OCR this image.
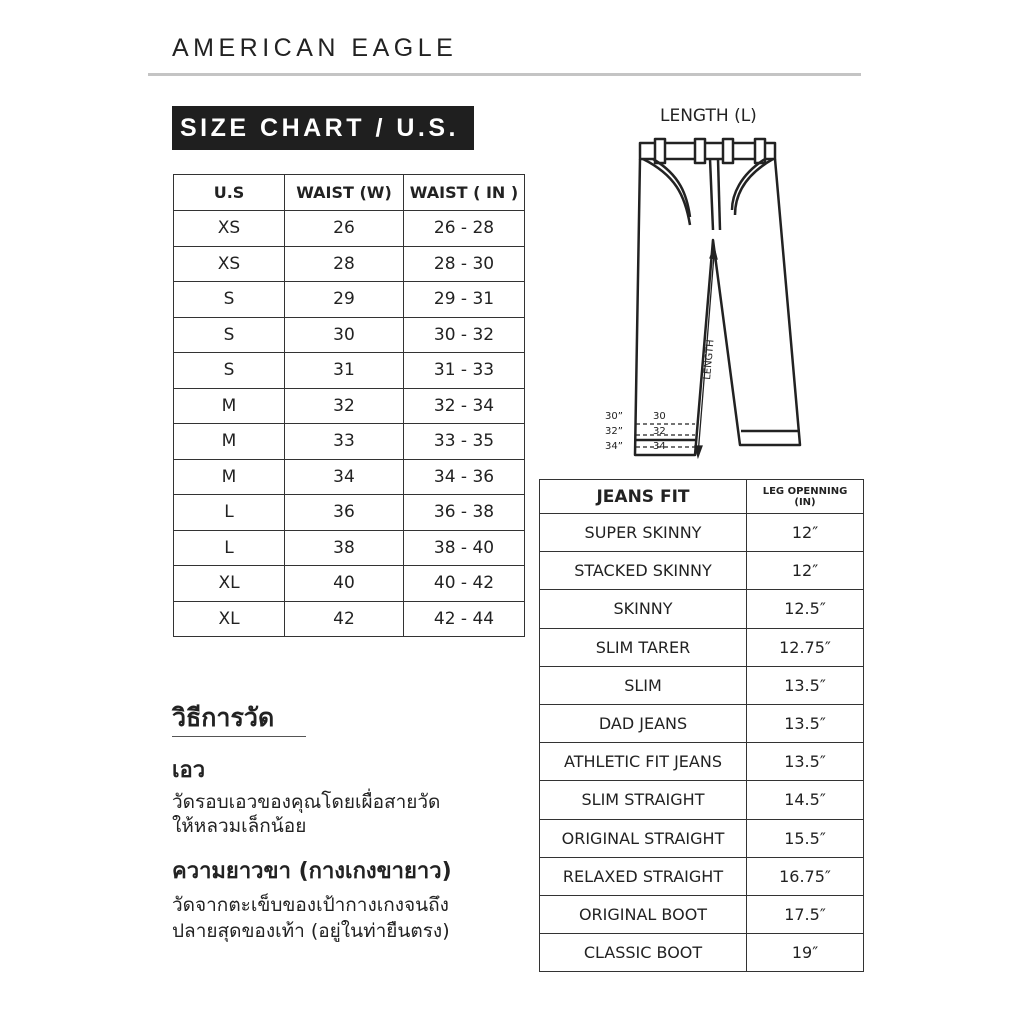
AMERICAN EAGLE
SIZE CHART / U.S.
U.S	WAIST (W)	WAIST ( IN )
XS	26	26 - 28
XS	28	28 - 30
S	29	29 - 31
S	30	30 - 32
S	31	31 - 33
M	32	32 - 34
M	33	33 - 35
M	34	34 - 36
L	36	36 - 38
L	38	38 - 40
XL	40	40 - 42
XL	42	42 - 44
LENGTH (L)
LENGTH
30”
32”
34”
30
32
34
JEANS FIT	LEG OPENNING
(IN)
SUPER SKINNY	12″
STACKED SKINNY	12″
SKINNY	12.5″
SLIM TARER	12.75″
SLIM	13.5″
DAD JEANS	13.5″
ATHLETIC FIT JEANS	13.5″
SLIM STRAIGHT	14.5″
ORIGINAL STRAIGHT	15.5″
RELAXED STRAIGHT	16.75″
ORIGINAL BOOT	17.5″
CLASSIC BOOT	19″
วิธีการวัด
เอว
วัดรอบเอวของคุณโดยเผื่อสายวัด
ให้หลวมเล็กน้อย
ความยาวขา (กางเกงขายาว)
วัดจากตะเข็บของเป้ากางเกงจนถึง
ปลายสุดของเท้า (อยู่ในท่ายืนตรง)
